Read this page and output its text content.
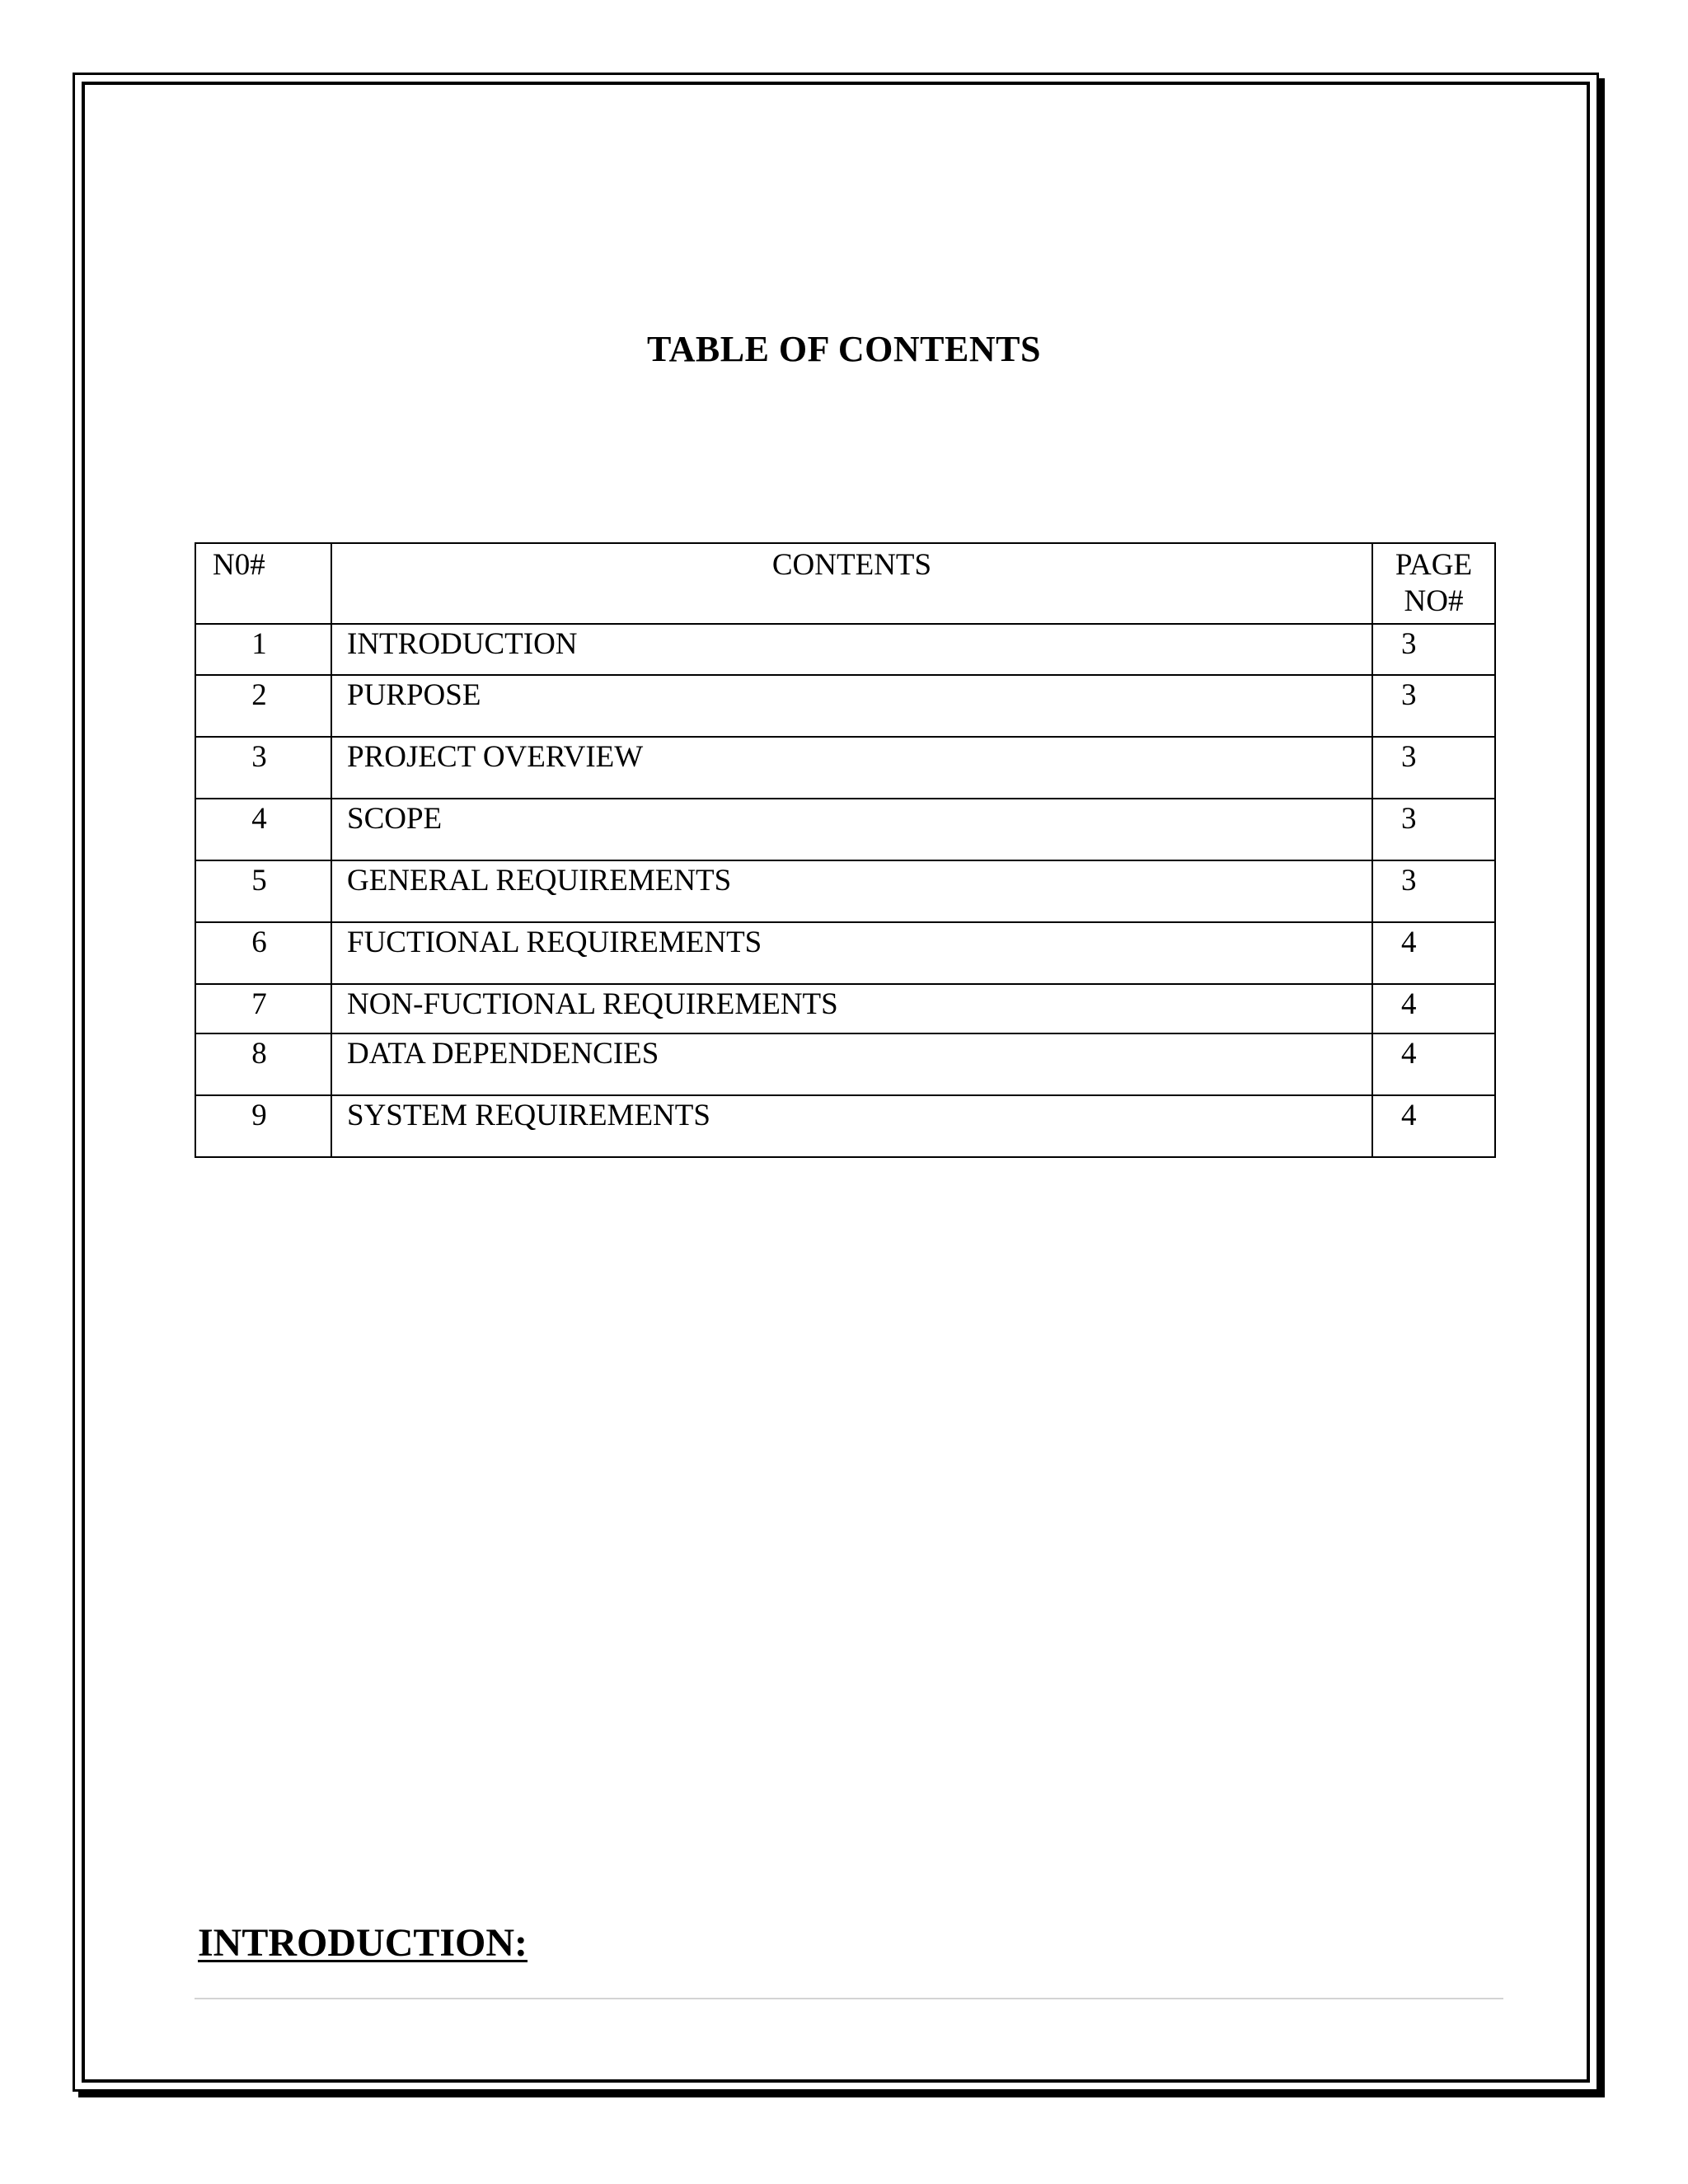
TABLE OF CONTENTS
N0#	CONTENTS	PAGE
NO#
1	INTRODUCTION	3
2	PURPOSE	3
3	PROJECT OVERVIEW	3
4	SCOPE	3
5	GENERAL REQUIREMENTS	3
6	FUCTIONAL REQUIREMENTS	4
7	NON-FUCTIONAL REQUIREMENTS	4
8	DATA DEPENDENCIES	4
9	SYSTEM REQUIREMENTS	4
INTRODUCTION:
